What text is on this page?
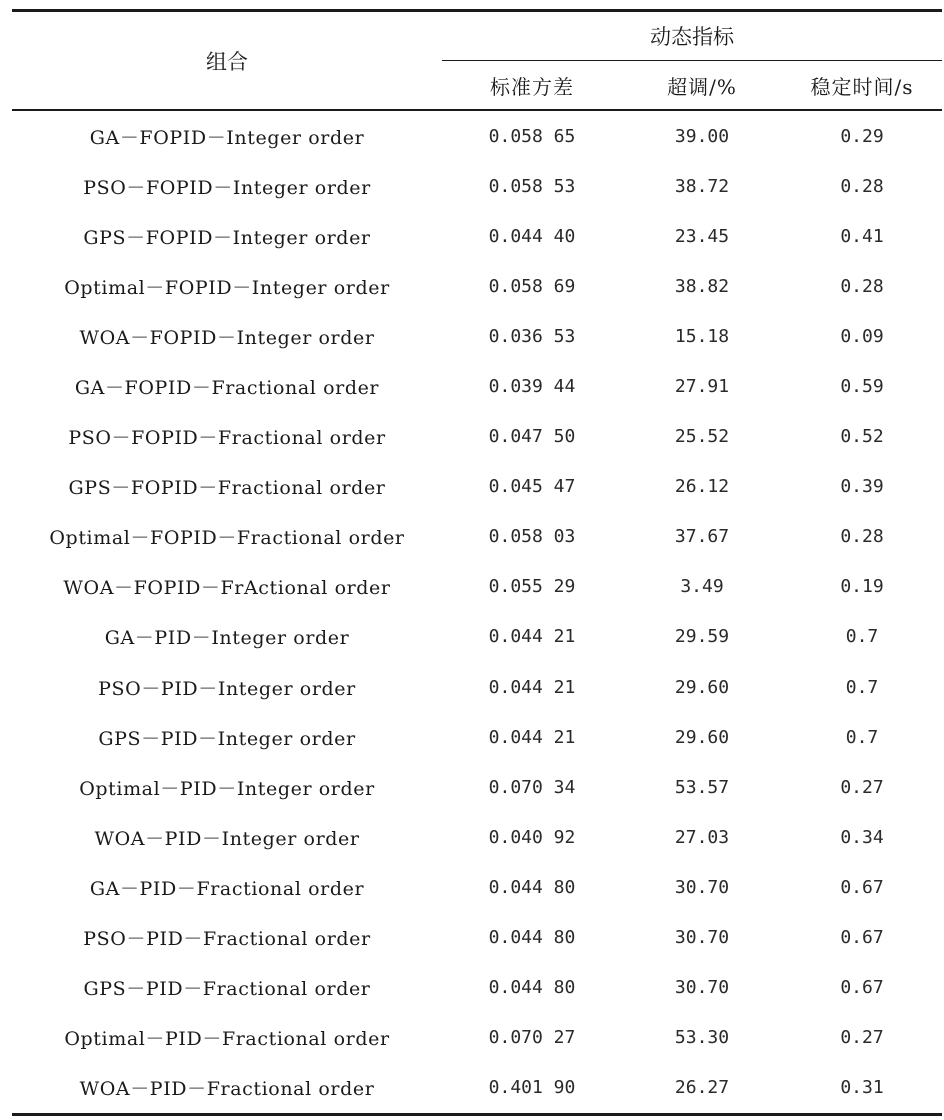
组合
动态指标
标准方差	超调/%	稳定时间/s
GA－FOPID－Integer order	0.058 65	39.00	0.29
PSO－FOPID－Integer order	0.058 53	38.72	0.28
GPS－FOPID－Integer order	0.044 40	23.45	0.41
Optimal－FOPID－Integer order	0.058 69	38.82	0.28
WOA－FOPID－Integer order	0.036 53	15.18	0.09
GA－FOPID－Fractional order	0.039 44	27.91	0.59
PSO－FOPID－Fractional order	0.047 50	25.52	0.52
GPS－FOPID－Fractional order	0.045 47	26.12	0.39
Optimal－FOPID－Fractional order	0.058 03	37.67	0.28
WOA－FOPID－FrActional order	0.055 29	3.49	0.19
GA－PID－Integer order	0.044 21	29.59	0.7
PSO－PID－Integer order	0.044 21	29.60	0.7
GPS－PID－Integer order	0.044 21	29.60	0.7
Optimal－PID－Integer order	0.070 34	53.57	0.27
WOA－PID－Integer order	0.040 92	27.03	0.34
GA－PID－Fractional order	0.044 80	30.70	0.67
PSO－PID－Fractional order	0.044 80	30.70	0.67
GPS－PID－Fractional order	0.044 80	30.70	0.67
Optimal－PID－Fractional order	0.070 27	53.30	0.27
WOA－PID－Fractional order	0.401 90	26.27	0.31
